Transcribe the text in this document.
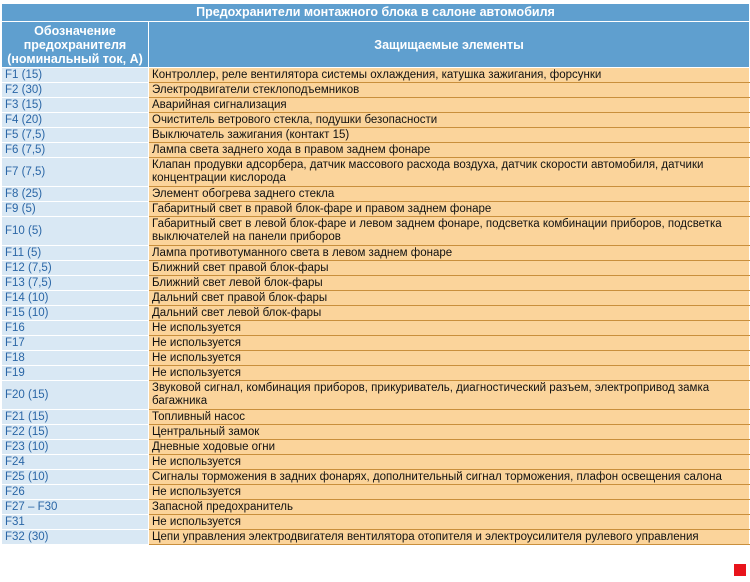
Предохранители монтажного блока в салоне автомобиля	
Обозначение
предохранителя
(номинальный ток, А)	Защищаемые элементы
F1 (15)	Контроллер, реле вентилятора системы охлаждения, катушка зажигания, форсунки
F2 (30)	Электродвигатели стеклоподъемников
F3 (15)	Аварийная сигнализация
F4 (20)	Очиститель ветрового стекла, подушки безопасности
F5 (7,5)	Выключатель зажигания (контакт 15)
F6 (7,5)	Лампа света заднего хода в правом заднем фонаре
F7 (7,5)	Клапан продувки адсорбера, датчик массового расхода воздуха, датчик скорости автомобиля, датчики концентрации кислорода
F8 (25)	Элемент обогрева заднего стекла
F9 (5)	Габаритный свет в правой блок-фаре и правом заднем фонаре
F10 (5)	Габаритный свет в левой блок-фаре и левом заднем фонаре, подсветка комбинации приборов, подсветка выключателей на панели приборов
F11 (5)	Лампа противотуманного света в левом заднем фонаре
F12 (7,5)	Ближний свет правой блок-фары
F13 (7,5)	Ближний свет левой блок-фары
F14 (10)	Дальний свет правой блок-фары
F15 (10)	Дальний свет левой блок-фары
F16	Не используется
F17	Не используется
F18	Не используется
F19	Не используется
F20 (15)	Звуковой сигнал, комбинация приборов, прикуриватель, диагностический разъем, электропривод замка багажника
F21 (15)	Топливный насос
F22 (15)	Центральный замок
F23 (10)	Дневные ходовые огни
F24	Не используется
F25 (10)	Сигналы торможения в задних фонарях, дополнительный сигнал торможения, плафон освещения салона
F26	Не используется
F27 – F30	Запасной предохранитель
F31	Не используется
F32 (30)	Цепи управления электродвигателя вентилятора отопителя и электроусилителя рулевого управления
